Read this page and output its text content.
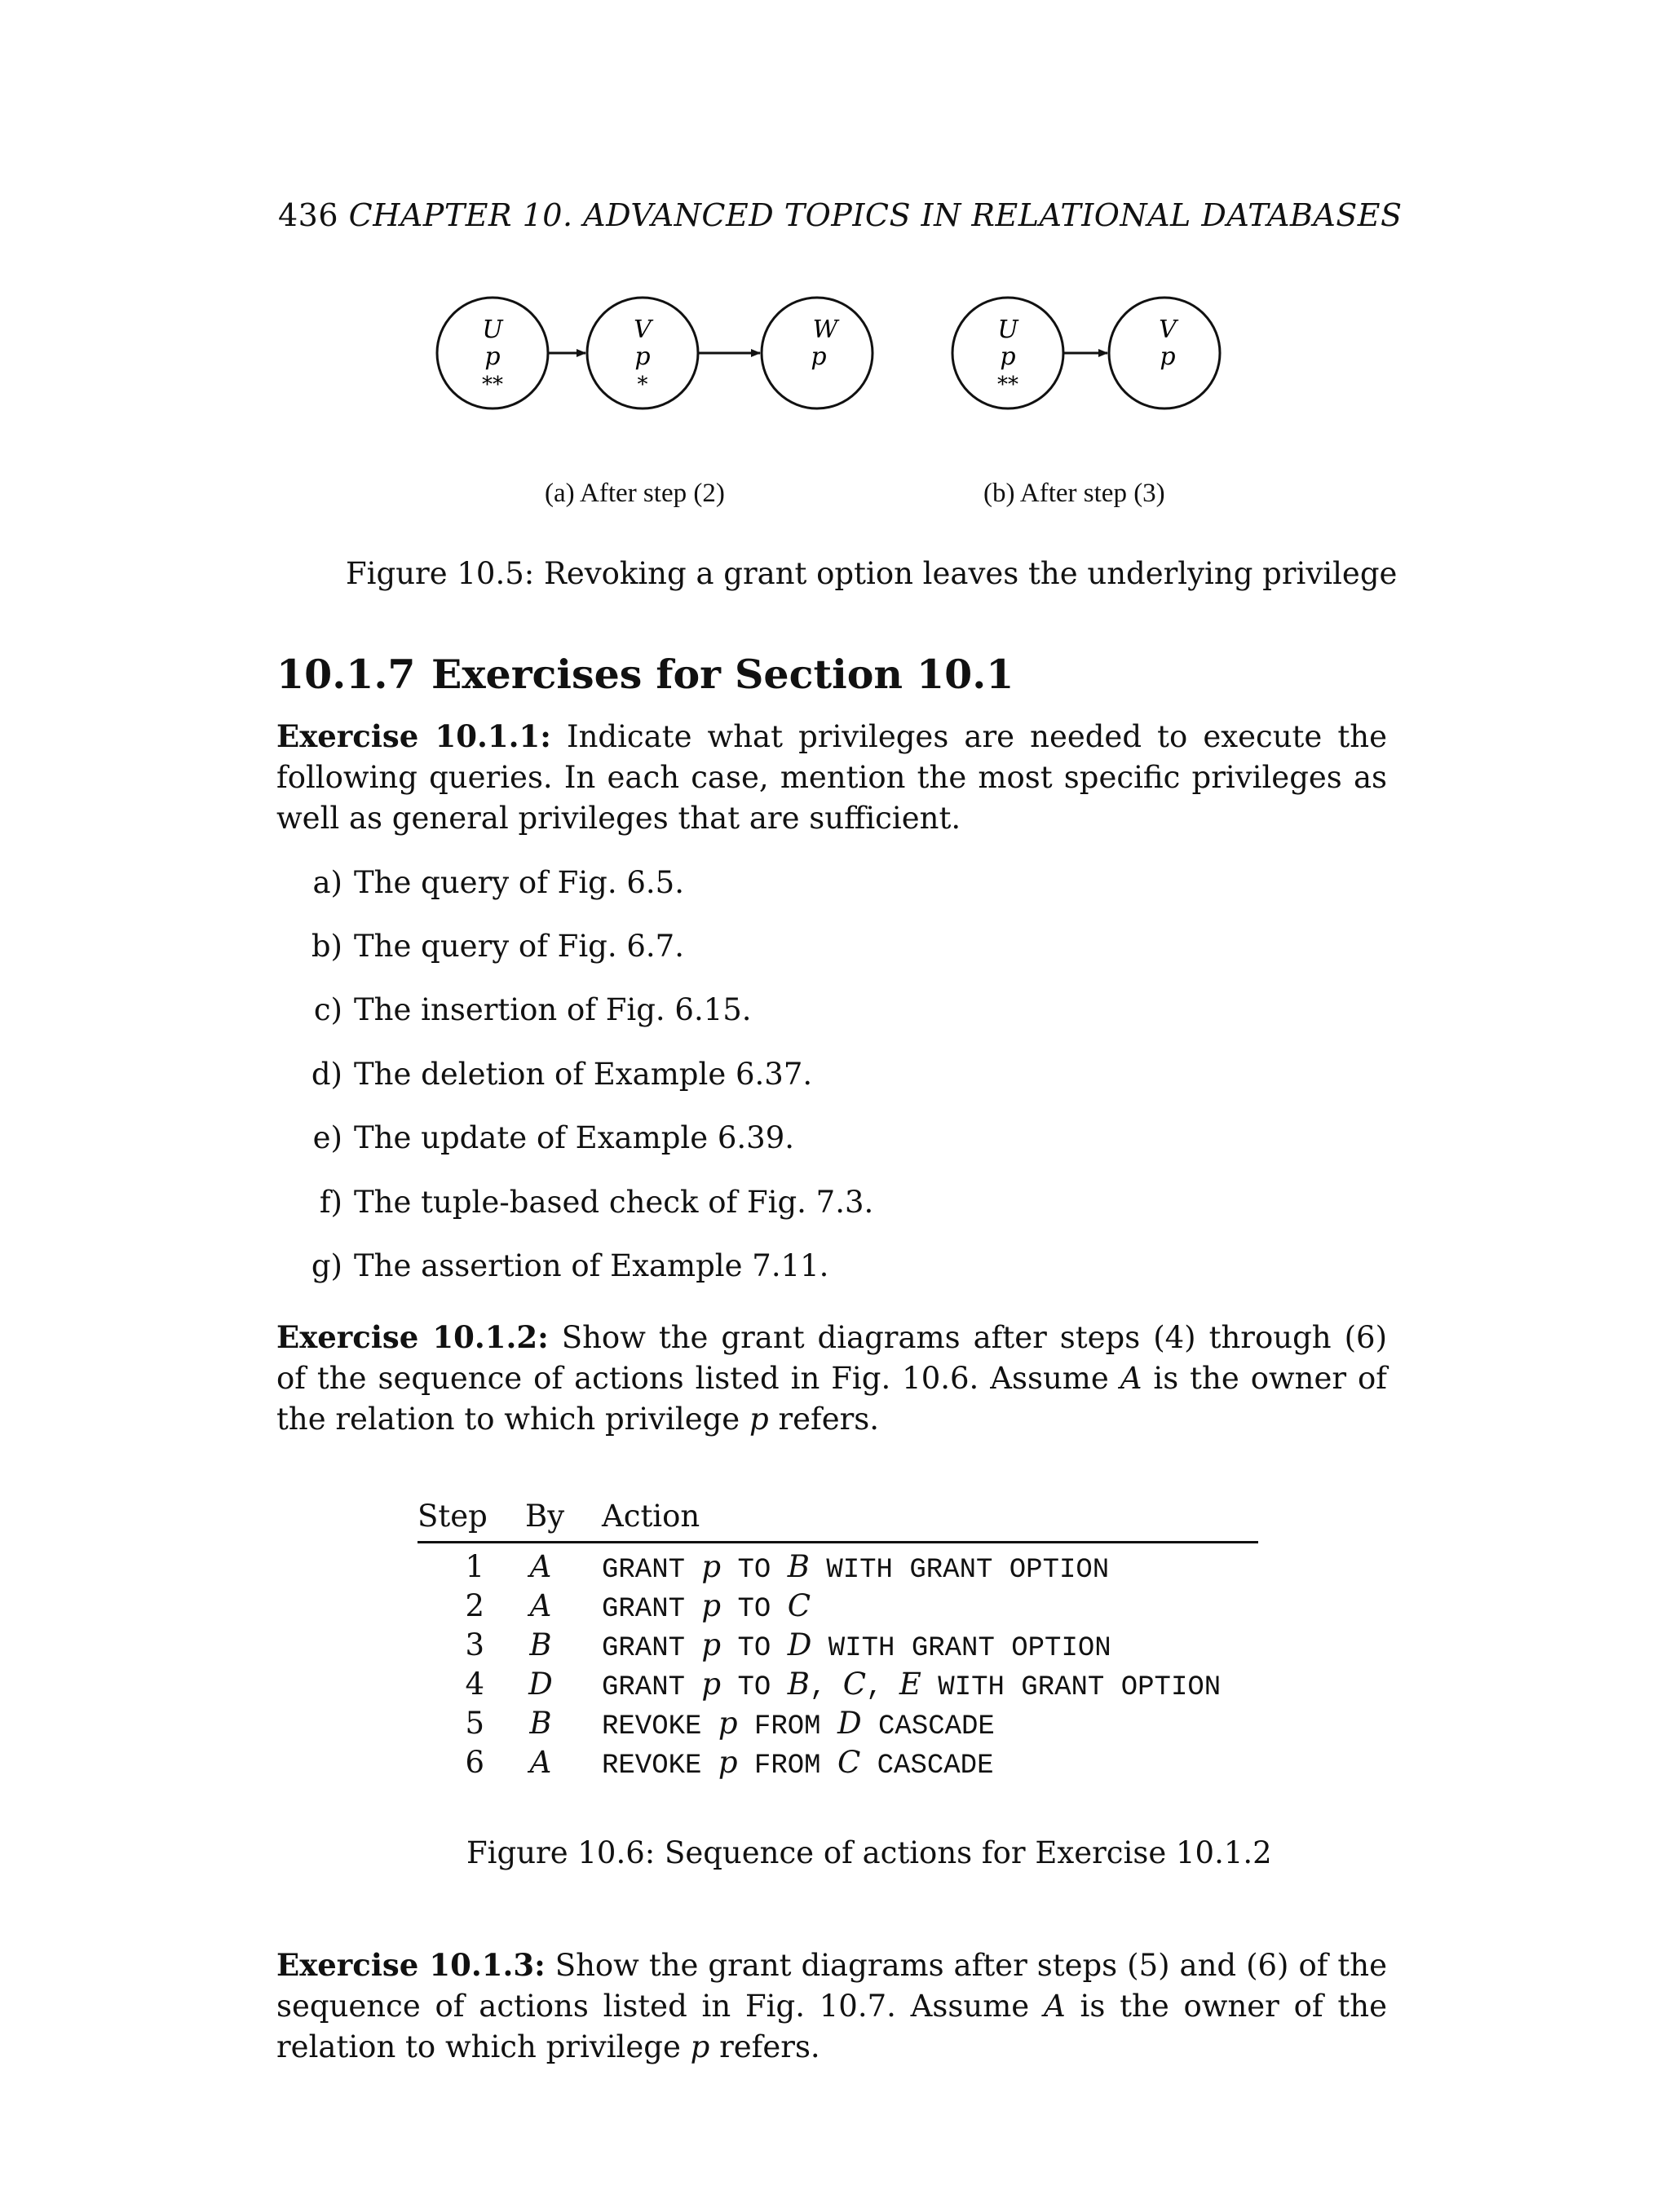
436 CHAPTER 10. ADVANCED TOPICS IN RELATIONAL DATABASES
U
p
**
V
p
*
W
p
U
p
**
V
p
(a) After step (2)	(b) After step (3)
Figure 10.5: Revoking a grant option leaves the underlying privilege
10.1.7 Exercises for Section 10.1
Exercise 10.1.1: Indicate what privileges are needed to execute the following queries. In each case, mention the most specific privileges as well as general privileges that are sufficient.
a) The query of Fig. 6.5.
b) The query of Fig. 6.7.
c) The insertion of Fig. 6.15.
d) The deletion of Example 6.37.
e) The update of Example 6.39.
f) The tuple-based check of Fig. 7.3.
g) The assertion of Example 7.11.
Exercise 10.1.2: Show the grant diagrams after steps (4) through (6) of the sequence of actions listed in Fig. 10.6. Assume A is the owner of the relation to which privilege p refers.
Step By Action
1 A GRANT p TO B WITH GRANT OPTION
2 A GRANT p TO C
3 B GRANT p TO D WITH GRANT OPTION
4 D GRANT p TO B, C, E WITH GRANT OPTION
5 B REVOKE p FROM D CASCADE
6 A REVOKE p FROM C CASCADE
Figure 10.6: Sequence of actions for Exercise 10.1.2
Exercise 10.1.3: Show the grant diagrams after steps (5) and (6) of the sequence of actions listed in Fig. 10.7. Assume A is the owner of the relation to which privilege p refers.
